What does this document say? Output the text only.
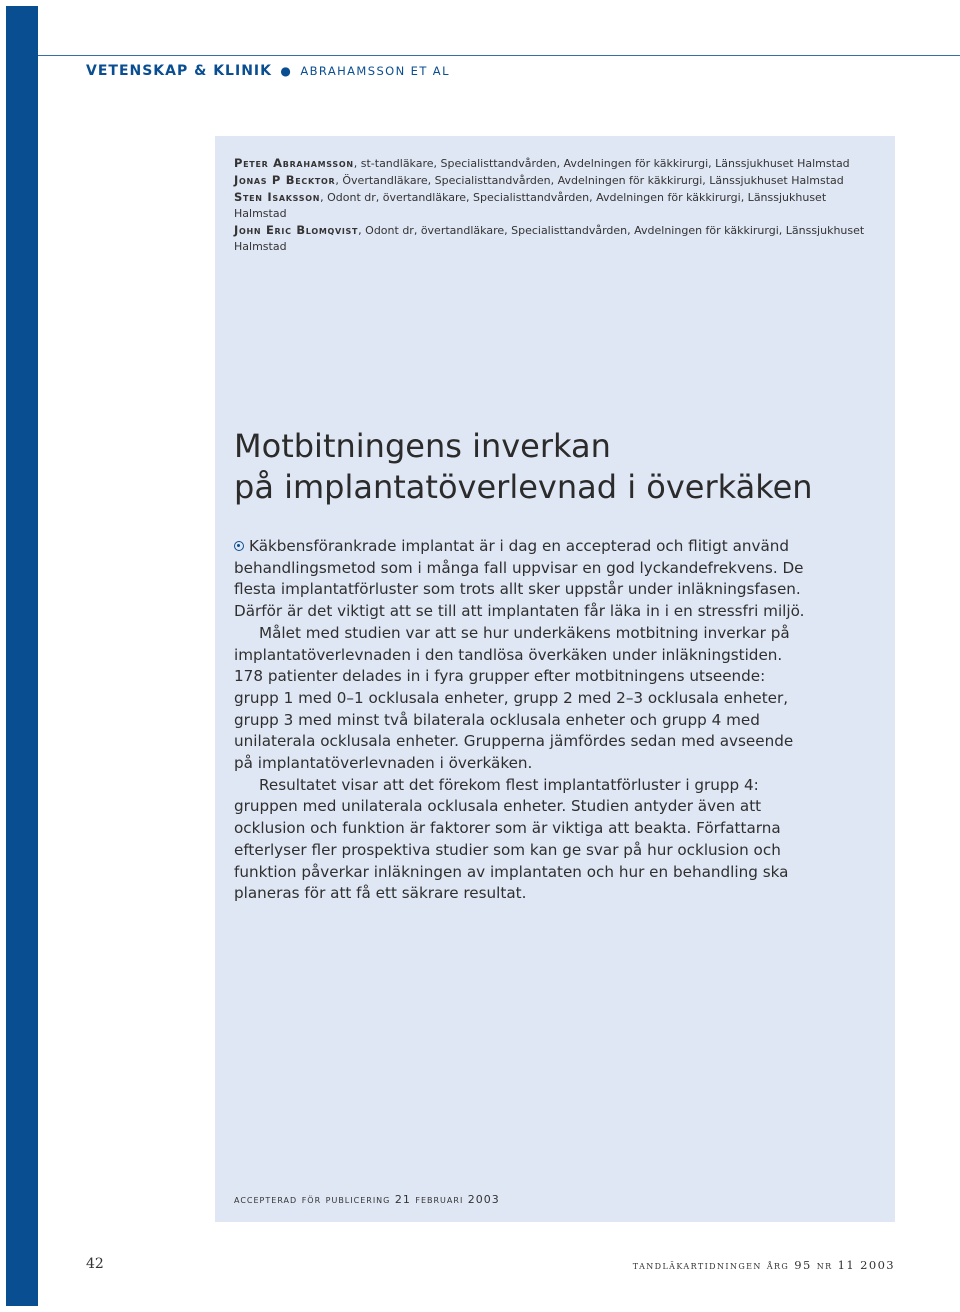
VETENSKAP & KLINIK ● ABRAHAMSSON ET AL

Peter Abrahamsson, st-tandläkare, Specialisttandvården, Avdelningen för käkkirurgi, Länssjukhuset Halmstad

Jonas P Becktor, Övertandläkare, Specialisttandvården, Avdelningen för käkkirurgi, Länssjukhuset Halmstad

Sten Isaksson, Odont dr, övertandläkare, Specialisttandvården, Avdelningen för käkkirurgi, Länssjukhuset Halmstad

John Eric Blomqvist, Odont dr, övertandläkare, Specialisttandvården, Avdelningen för käkkirurgi, Länssjukhuset Halmstad

Motbitningens inverkan
på implantatöverlevnad i överkäken

Käkbensförankrade implantat är i dag en accepterad och flitigt använd behandlingsmetod som i många fall uppvisar en god lyckandefrekvens. De flesta implantatförluster som trots allt sker uppstår under inläkningsfasen. Därför är det viktigt att se till att implantaten får läka in i en stressfri miljö.

Målet med studien var att se hur underkäkens motbitning inverkar på implantatöverlevnaden i den tandlösa överkäken under inläkningstiden. 178 patienter delades in i fyra grupper efter motbitningens utseende: grupp 1 med 0–1 ocklusala enheter, grupp 2 med 2–3 ocklusala enheter, grupp 3 med minst två bilaterala ocklusala enheter och grupp 4 med unilaterala ocklusala enheter. Grupperna jämfördes sedan med avseende på implantatöverlevnaden i överkäken.

Resultatet visar att det förekom flest implantatförluster i grupp 4: gruppen med unilaterala ocklusala enheter. Studien antyder även att ocklusion och funktion är faktorer som är viktiga att beakta. Författarna efterlyser fler prospektiva studier som kan ge svar på hur ocklusion och funktion påverkar inläkningen av implantaten och hur en behandling ska planeras för att få ett säkrare resultat.

accepterad för publicering 21 februari 2003
42	tandläkartidningen årg 95 nr 11 2003
